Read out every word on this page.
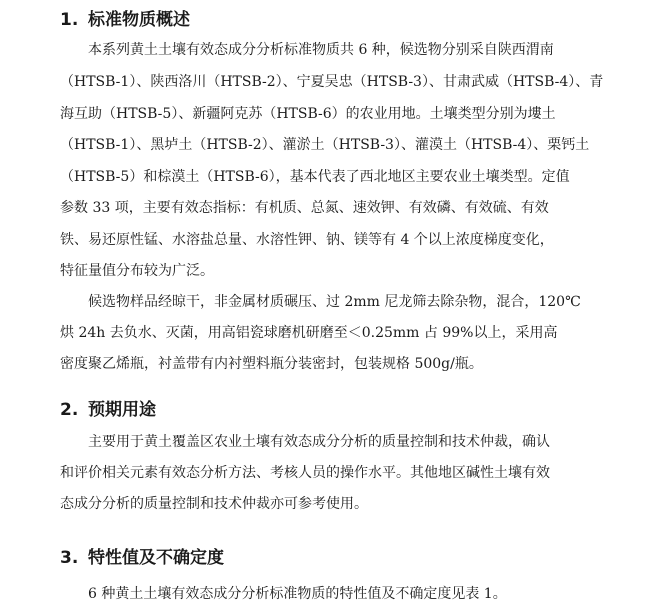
1. 标准物质概述
本系列黄土土壤有效态成分分析标准物质共 6 种，候选物分别采自陕西渭南
（HTSB-1）、陕西洛川（HTSB-2）、宁夏吴忠（HTSB-3）、甘肃武威（HTSB-4）、青
海互助（HTSB-5）、新疆阿克苏（HTSB-6）的农业用地。土壤类型分别为塿土
（HTSB-1）、黑垆土（HTSB-2）、灌淤土（HTSB-3）、灌漠土（HTSB-4）、栗钙土
（HTSB-5）和棕漠土（HTSB-6），基本代表了西北地区主要农业土壤类型。定值
参数 33 项，主要有效态指标：有机质、总氮、速效钾、有效磷、有效硫、有效
铁、易还原性锰、水溶盐总量、水溶性钾、钠、镁等有 4 个以上浓度梯度变化，
特征量值分布较为广泛。
候选物样品经晾干，非金属材质碾压、过 2mm 尼龙筛去除杂物，混合，120℃
烘 24h 去负水、灭菌，用高铝瓷球磨机研磨至＜0.25mm 占 99%以上，采用高
密度聚乙烯瓶，衬盖带有内衬塑料瓶分装密封，包装规格 500g/瓶。
2. 预期用途
主要用于黄土覆盖区农业土壤有效态成分分析的质量控制和技术仲裁，确认
和评价相关元素有效态分析方法、考核人员的操作水平。其他地区碱性土壤有效
态成分分析的质量控制和技术仲裁亦可参考使用。
3. 特性值及不确定度
6 种黄土土壤有效态成分分析标准物质的特性值及不确定度见表 1。
